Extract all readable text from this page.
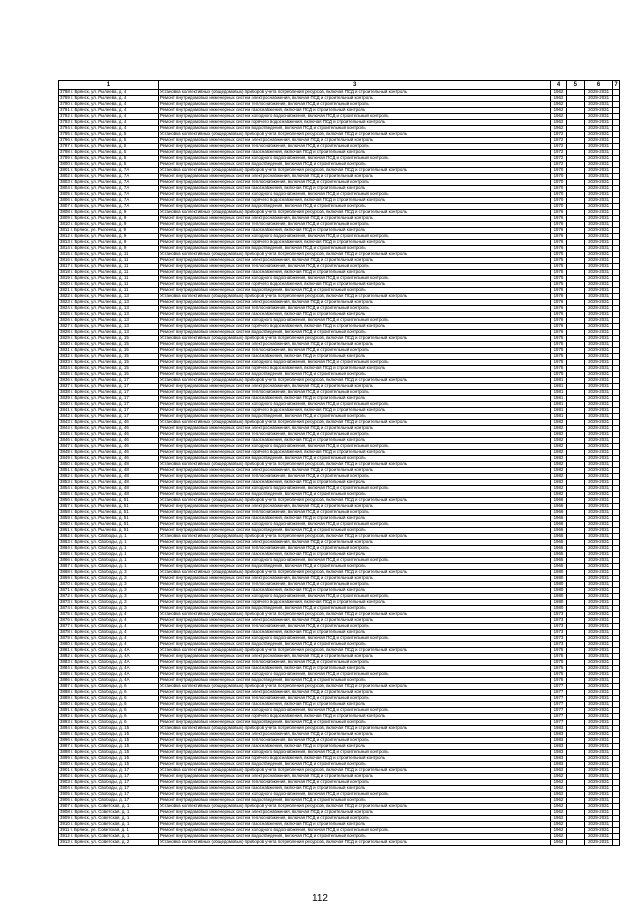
1		3	4	5	6	7
3788 г. Брянск, ул. Рылеева, д. 4		Установка коллективных (общедомовых) приборов учета потребления ресурсов, включая ПСД и строительный контроль	1962		2029-2031	
3789 г. Брянск, ул. Рылеева, д. 4		Ремонт внутридомовых инженерных систем электроснабжения, включая ПСД и строительный контроль	1962		2029-2031	
3790 г. Брянск, ул. Рылеева, д. 4		Ремонт внутридомовых инженерных систем теплоснабжения, включая ПСД и строительный контроль	1962		2029-2031	
3791 г. Брянск, ул. Рылеева, д. 4		Ремонт внутридомовых инженерных систем газоснабжения, включая ПСД и строительный контроль	1962		2029-2031	
3792 г. Брянск, ул. Рылеева, д. 4		Ремонт внутридомовых инженерных систем холодного водоснабжения, включая ПСД и строительный контроль	1962		2029-2031	
3793 г. Брянск, ул. Рылеева, д. 4		Ремонт внутридомовых инженерных систем горячего водоснабжения, включая ПСД и строительный контроль	1962		2029-2031	
3794 г. Брянск, ул. Рылеева, д. 4		Ремонт внутридомовых инженерных систем водоотведения, включая ПСД и строительный контроль	1962		2029-2031	
3795 г. Брянск, ул. Рылеева, д. 5		Установка коллективных (общедомовых) приборов учета потребления ресурсов, включая ПСД и строительный контроль	1972		2029-2031	
3796 г. Брянск, ул. Рылеева, д. 5		Ремонт внутридомовых инженерных систем электроснабжения, включая ПСД и строительный контроль	1972		2029-2031	
3797 г. Брянск, ул. Рылеева, д. 5		Ремонт внутридомовых инженерных систем теплоснабжения, включая ПСД и строительный контроль	1972		2029-2031	
3798 г. Брянск, ул. Рылеева, д. 5		Ремонт внутридомовых инженерных систем газоснабжения, включая ПСД и строительный контроль	1972		2029-2031	
3799 г. Брянск, ул. Рылеева, д. 5		Ремонт внутридомовых инженерных систем холодного водоснабжения, включая ПСД и строительный контроль	1972		2029-2031	
3800 г. Брянск, ул. Рылеева, д. 5		Ремонт внутридомовых инженерных систем водоотведения, включая ПСД и строительный контроль	1972		2029-2031	
3801 г. Брянск, ул. Рылеева, д. 7А		Установка коллективных (общедомовых) приборов учета потребления ресурсов, включая ПСД и строительный контроль	1970		2029-2031	
3802 г. Брянск, ул. Рылеева, д. 7А		Ремонт внутридомовых инженерных систем электроснабжения, включая ПСД и строительный контроль	1970		2029-2031	
3803 г. Брянск, ул. Рылеева, д. 7А		Ремонт внутридомовых инженерных систем теплоснабжения, включая ПСД и строительный контроль	1970		2029-2031	
3804 г. Брянск, ул. Рылеева, д. 7А		Ремонт внутридомовых инженерных систем газоснабжения, включая ПСД и строительный контроль	1970		2029-2031	
3805 г. Брянск, ул. Рылеева, д. 7А		Ремонт внутридомовых инженерных систем холодного водоснабжения, включая ПСД и строительный контроль	1970		2029-2031	
3806 г. Брянск, ул. Рылеева, д. 7А		Ремонт внутридомовых инженерных систем горячего водоснабжения, включая ПСД и строительный контроль	1970		2029-2031	
3807 г. Брянск, ул. Рылеева, д. 7А		Ремонт внутридомовых инженерных систем водоотведения, включая ПСД и строительный контроль	1970		2029-2031	
3808 г. Брянск, ул. Рылеева, д. 9		Установка коллективных (общедомовых) приборов учета потребления ресурсов, включая ПСД и строительный контроль	1976		2029-2031	
3809 г. Брянск, ул. Рылеева, д. 9		Ремонт внутридомовых инженерных систем электроснабжения, включая ПСД и строительный контроль	1976		2029-2031	
3810 г. Брянск, ул. Рылеева, д. 9		Ремонт внутридомовых инженерных систем теплоснабжения, включая ПСД и строительный контроль	1976		2029-2031	
3811 г. Брянск, ул. Рылеева, д. 9		Ремонт внутридомовых инженерных систем газоснабжения, включая ПСД и строительный контроль	1976		2029-2031	
3812 г. Брянск, ул. Рылеева, д. 9		Ремонт внутридомовых инженерных систем холодного водоснабжения, включая ПСД и строительный контроль	1976		2029-2031	
3813 г. Брянск, ул. Рылеева, д. 9		Ремонт внутридомовых инженерных систем горячего водоснабжения, включая ПСД и строительный контроль	1976		2029-2031	
3814 г. Брянск, ул. Рылеева, д. 9		Ремонт внутридомовых инженерных систем водоотведения, включая ПСД и строительный контроль	1976		2029-2031	
3815 г. Брянск, ул. Рылеева, д. 11		Установка коллективных (общедомовых) приборов учета потребления ресурсов, включая ПСД и строительный контроль	1975		2029-2031	
3816 г. Брянск, ул. Рылеева, д. 11		Ремонт внутридомовых инженерных систем электроснабжения, включая ПСД и строительный контроль	1975		2029-2031	
3817 г. Брянск, ул. Рылеева, д. 11		Ремонт внутридомовых инженерных систем теплоснабжения, включая ПСД и строительный контроль	1975		2029-2031	
3818 г. Брянск, ул. Рылеева, д. 11		Ремонт внутридомовых инженерных систем газоснабжения, включая ПСД и строительный контроль	1975		2029-2031	
3819 г. Брянск, ул. Рылеева, д. 11		Ремонт внутридомовых инженерных систем холодного водоснабжения, включая ПСД и строительный контроль	1975		2029-2031	
3820 г. Брянск, ул. Рылеева, д. 11		Ремонт внутридомовых инженерных систем горячего водоснабжения, включая ПСД и строительный контроль	1975		2029-2031	
3821 г. Брянск, ул. Рылеева, д. 11		Ремонт внутридомовых инженерных систем водоотведения, включая ПСД и строительный контроль	1975		2029-2031	
3822 г. Брянск, ул. Рылеева, д. 13		Установка коллективных (общедомовых) приборов учета потребления ресурсов, включая ПСД и строительный контроль	1976		2029-2031	
3823 г. Брянск, ул. Рылеева, д. 13		Ремонт внутридомовых инженерных систем электроснабжения, включая ПСД и строительный контроль	1976		2029-2031	
3824 г. Брянск, ул. Рылеева, д. 13		Ремонт внутридомовых инженерных систем теплоснабжения, включая ПСД и строительный контроль	1976		2029-2031	
3825 г. Брянск, ул. Рылеева, д. 13		Ремонт внутридомовых инженерных систем газоснабжения, включая ПСД и строительный контроль	1976		2029-2031	
3826 г. Брянск, ул. Рылеева, д. 13		Ремонт внутридомовых инженерных систем холодного водоснабжения, включая ПСД и строительный контроль	1976		2029-2031	
3827 г. Брянск, ул. Рылеева, д. 13		Ремонт внутридомовых инженерных систем горячего водоснабжения, включая ПСД и строительный контроль	1976		2029-2031	
3828 г. Брянск, ул. Рылеева, д. 13		Ремонт внутридомовых инженерных систем водоотведения, включая ПСД и строительный контроль	1976		2029-2031	
3829 г. Брянск, ул. Рылеева, д. 15		Установка коллективных (общедомовых) приборов учета потребления ресурсов, включая ПСД и строительный контроль	1975		2029-2031	
3830 г. Брянск, ул. Рылеева, д. 15		Ремонт внутридомовых инженерных систем электроснабжения, включая ПСД и строительный контроль	1975		2029-2031	
3831 г. Брянск, ул. Рылеева, д. 15		Ремонт внутридомовых инженерных систем теплоснабжения, включая ПСД и строительный контроль	1975		2029-2031	
3832 г. Брянск, ул. Рылеева, д. 15		Ремонт внутридомовых инженерных систем газоснабжения, включая ПСД и строительный контроль	1975		2029-2031	
3833 г. Брянск, ул. Рылеева, д. 15		Ремонт внутридомовых инженерных систем холодного водоснабжения, включая ПСД и строительный контроль	1975		2029-2031	
3834 г. Брянск, ул. Рылеева, д. 15		Ремонт внутридомовых инженерных систем горячего водоснабжения, включая ПСД и строительный контроль	1975		2029-2031	
3835 г. Брянск, ул. Рылеева, д. 15		Ремонт внутридомовых инженерных систем водоотведения, включая ПСД и строительный контроль	1975		2029-2031	
3836 г. Брянск, ул. Рылеева, д. 17		Установка коллективных (общедомовых) приборов учета потребления ресурсов, включая ПСД и строительный контроль	1981		2029-2031	
3837 г. Брянск, ул. Рылеева, д. 17		Ремонт внутридомовых инженерных систем электроснабжения, включая ПСД и строительный контроль	1981		2029-2031	
3838 г. Брянск, ул. Рылеева, д. 17		Ремонт внутридомовых инженерных систем теплоснабжения, включая ПСД и строительный контроль	1981		2029-2031	
3839 г. Брянск, ул. Рылеева, д. 17		Ремонт внутридомовых инженерных систем газоснабжения, включая ПСД и строительный контроль	1981		2029-2031	
3840 г. Брянск, ул. Рылеева, д. 17		Ремонт внутридомовых инженерных систем холодного водоснабжения, включая ПСД и строительный контроль	1981		2029-2031	
3841 г. Брянск, ул. Рылеева, д. 17		Ремонт внутридомовых инженерных систем горячего водоснабжения, включая ПСД и строительный контроль	1981		2029-2031	
3842 г. Брянск, ул. Рылеева, д. 17		Ремонт внутридомовых инженерных систем водоотведения, включая ПСД и строительный контроль	1981		2029-2031	
3843 г. Брянск, ул. Рылеева, д. 46		Установка коллективных (общедомовых) приборов учета потребления ресурсов, включая ПСД и строительный контроль	1982		2029-2031	
3844 г. Брянск, ул. Рылеева, д. 46		Ремонт внутридомовых инженерных систем электроснабжения, включая ПСД и строительный контроль	1982		2029-2031	
3845 г. Брянск, ул. Рылеева, д. 46		Ремонт внутридомовых инженерных систем теплоснабжения, включая ПСД и строительный контроль	1982		2029-2031	
3846 г. Брянск, ул. Рылеева, д. 46		Ремонт внутридомовых инженерных систем газоснабжения, включая ПСД и строительный контроль	1982		2029-2031	
3847 г. Брянск, ул. Рылеева, д. 46		Ремонт внутридомовых инженерных систем холодного водоснабжения, включая ПСД и строительный контроль	1982		2029-2031	
3848 г. Брянск, ул. Рылеева, д. 46		Ремонт внутридомовых инженерных систем горячего водоснабжения, включая ПСД и строительный контроль	1982		2029-2031	
3849 г. Брянск, ул. Рылеева, д. 46		Ремонт внутридомовых инженерных систем водоотведения, включая ПСД и строительный контроль	1982		2029-2031	
3850 г. Брянск, ул. Рылеева, д. 48		Установка коллективных (общедомовых) приборов учета потребления ресурсов, включая ПСД и строительный контроль	1982		2029-2031	
3851 г. Брянск, ул. Рылеева, д. 48		Ремонт внутридомовых инженерных систем электроснабжения, включая ПСД и строительный контроль	1982		2029-2031	
3852 г. Брянск, ул. Рылеева, д. 48		Ремонт внутридомовых инженерных систем теплоснабжения, включая ПСД и строительный контроль	1982		2029-2031	
3853 г. Брянск, ул. Рылеева, д. 48		Ремонт внутридомовых инженерных систем газоснабжения, включая ПСД и строительный контроль	1982		2029-2031	
3854 г. Брянск, ул. Рылеева, д. 48		Ремонт внутридомовых инженерных систем холодного водоснабжения, включая ПСД и строительный контроль	1982		2029-2031	
3855 г. Брянск, ул. Рылеева, д. 48		Ремонт внутридомовых инженерных систем водоотведения, включая ПСД и строительный контроль	1982		2029-2031	
3856 г. Брянск, ул. Рылеева, д. 51		Установка коллективных (общедомовых) приборов учета потребления ресурсов, включая ПСД и строительный контроль	1966		2029-2031	
3857 г. Брянск, ул. Рылеева, д. 51		Ремонт внутридомовых инженерных систем электроснабжения, включая ПСД и строительный контроль	1966		2029-2031	
3858 г. Брянск, ул. Рылеева, д. 51		Ремонт внутридомовых инженерных систем теплоснабжения, включая ПСД и строительный контроль	1966		2029-2031	
3859 г. Брянск, ул. Рылеева, д. 51		Ремонт внутридомовых инженерных систем газоснабжения, включая ПСД и строительный контроль	1966		2029-2031	
3860 г. Брянск, ул. Рылеева, д. 51		Ремонт внутридомовых инженерных систем холодного водоснабжения, включая ПСД и строительный контроль	1966		2029-2031	
3861 г. Брянск, ул. Рылеева, д. 51		Ремонт внутридомовых инженерных систем водоотведения, включая ПСД и строительный контроль	1966		2029-2031	
3862 г. Брянск, ул. Свободы, д. 1		Установка коллективных (общедомовых) приборов учета потребления ресурсов, включая ПСД и строительный контроль	1965		2029-2031	
3863 г. Брянск, ул. Свободы, д. 1		Ремонт внутридомовых инженерных систем электроснабжения, включая ПСД и строительный контроль	1965		2029-2031	
3864 г. Брянск, ул. Свободы, д. 1		Ремонт внутридомовых инженерных систем теплоснабжения, включая ПСД и строительный контроль	1965		2029-2031	
3865 г. Брянск, ул. Свободы, д. 1		Ремонт внутридомовых инженерных систем газоснабжения, включая ПСД и строительный контроль	1965		2029-2031	
3866 г. Брянск, ул. Свободы, д. 1		Ремонт внутридомовых инженерных систем холодного водоснабжения, включая ПСД и строительный контроль	1965		2029-2031	
3867 г. Брянск, ул. Свободы, д. 1		Ремонт внутридомовых инженерных систем водоотведения, включая ПСД и строительный контроль	1965		2029-2031	
3868 г. Брянск, ул. Свободы, д. 3		Установка коллективных (общедомовых) приборов учета потребления ресурсов, включая ПСД и строительный контроль	1980		2029-2031	
3869 г. Брянск, ул. Свободы, д. 3		Ремонт внутридомовых инженерных систем электроснабжения, включая ПСД и строительный контроль	1980		2029-2031	
3870 г. Брянск, ул. Свободы, д. 3		Ремонт внутридомовых инженерных систем теплоснабжения, включая ПСД и строительный контроль	1980		2029-2031	
3871 г. Брянск, ул. Свободы, д. 3		Ремонт внутридомовых инженерных систем газоснабжения, включая ПСД и строительный контроль	1980		2029-2031	
3872 г. Брянск, ул. Свободы, д. 3		Ремонт внутридомовых инженерных систем холодного водоснабжения, включая ПСД и строительный контроль	1980		2029-2031	
3873 г. Брянск, ул. Свободы, д. 3		Ремонт внутридомовых инженерных систем горячего водоснабжения, включая ПСД и строительный контроль	1980		2029-2031	
3874 г. Брянск, ул. Свободы, д. 3		Ремонт внутридомовых инженерных систем водоотведения, включая ПСД и строительный контроль	1980		2029-2031	
3875 г. Брянск, ул. Свободы, д. 4		Установка коллективных (общедомовых) приборов учета потребления ресурсов, включая ПСД и строительный контроль	1973		2029-2031	
3876 г. Брянск, ул. Свободы, д. 4		Ремонт внутридомовых инженерных систем электроснабжения, включая ПСД и строительный контроль	1973		2029-2031	
3877 г. Брянск, ул. Свободы, д. 4		Ремонт внутридомовых инженерных систем теплоснабжения, включая ПСД и строительный контроль	1973		2029-2031	
3878 г. Брянск, ул. Свободы, д. 4		Ремонт внутридомовых инженерных систем газоснабжения, включая ПСД и строительный контроль	1973		2029-2031	
3879 г. Брянск, ул. Свободы, д. 4		Ремонт внутридомовых инженерных систем холодного водоснабжения, включая ПСД и строительный контроль	1973		2029-2031	
3880 г. Брянск, ул. Свободы, д. 4		Ремонт внутридомовых инженерных систем водоотведения, включая ПСД и строительный контроль	1973		2029-2031	
3881 г. Брянск, ул. Свободы, д. 4А		Установка коллективных (общедомовых) приборов учета потребления ресурсов, включая ПСД и строительный контроль	1975		2029-2031	
3882 г. Брянск, ул. Свободы, д. 4А		Ремонт внутридомовых инженерных систем электроснабжения, включая ПСД и строительный контроль	1975		2029-2031	
3883 г. Брянск, ул. Свободы, д. 4А		Ремонт внутридомовых инженерных систем теплоснабжения, включая ПСД и строительный контроль	1975		2029-2031	
3884 г. Брянск, ул. Свободы, д. 4А		Ремонт внутридомовых инженерных систем газоснабжения, включая ПСД и строительный контроль	1975		2029-2031	
3885 г. Брянск, ул. Свободы, д. 4А		Ремонт внутридомовых инженерных систем холодного водоснабжения, включая ПСД и строительный контроль	1975		2029-2031	
3886 г. Брянск, ул. Свободы, д. 4А		Ремонт внутридомовых инженерных систем водоотведения, включая ПСД и строительный контроль	1975		2029-2031	
3887 г. Брянск, ул. Свободы, д. 6		Установка коллективных (общедомовых) приборов учета потребления ресурсов, включая ПСД и строительный контроль	1977		2029-2031	
3888 г. Брянск, ул. Свободы, д. 6		Ремонт внутридомовых инженерных систем электроснабжения, включая ПСД и строительный контроль	1977		2029-2031	
3889 г. Брянск, ул. Свободы, д. 6		Ремонт внутридомовых инженерных систем теплоснабжения, включая ПСД и строительный контроль	1977		2029-2031	
3890 г. Брянск, ул. Свободы, д. 6		Ремонт внутридомовых инженерных систем газоснабжения, включая ПСД и строительный контроль	1977		2029-2031	
3891 г. Брянск, ул. Свободы, д. 6		Ремонт внутридомовых инженерных систем холодного водоснабжения, включая ПСД и строительный контроль	1977		2029-2031	
3892 г. Брянск, ул. Свободы, д. 6		Ремонт внутридомовых инженерных систем горячего водоснабжения, включая ПСД и строительный контроль	1977		2029-2031	
3893 г. Брянск, ул. Свободы, д. 6		Ремонт внутридомовых инженерных систем водоотведения, включая ПСД и строительный контроль	1977		2029-2031	
3894 г. Брянск, ул. Свободы, д. 15		Установка коллективных (общедомовых) приборов учета потребления ресурсов, включая ПСД и строительный контроль	1983		2029-2031	
3895 г. Брянск, ул. Свободы, д. 15		Ремонт внутридомовых инженерных систем электроснабжения, включая ПСД и строительный контроль	1983		2029-2031	
3896 г. Брянск, ул. Свободы, д. 15		Ремонт внутридомовых инженерных систем теплоснабжения, включая ПСД и строительный контроль	1983		2029-2031	
3897 г. Брянск, ул. Свободы, д. 15		Ремонт внутридомовых инженерных систем газоснабжения, включая ПСД и строительный контроль	1983		2029-2031	
3898 г. Брянск, ул. Свободы, д. 15		Ремонт внутридомовых инженерных систем холодного водоснабжения, включая ПСД и строительный контроль	1983		2029-2031	
3899 г. Брянск, ул. Свободы, д. 15		Ремонт внутридомовых инженерных систем горячего водоснабжения, включая ПСД и строительный контроль	1983		2029-2031	
3900 г. Брянск, ул. Свободы, д. 15		Ремонт внутридомовых инженерных систем водоотведения, включая ПСД и строительный контроль	1983		2029-2031	
3901 г. Брянск, ул. Свободы, д. 17		Установка коллективных (общедомовых) приборов учета потребления ресурсов, включая ПСД и строительный контроль	1962		2029-2031	
3902 г. Брянск, ул. Свободы, д. 17		Ремонт внутридомовых инженерных систем электроснабжения, включая ПСД и строительный контроль	1962		2029-2031	
3903 г. Брянск, ул. Свободы, д. 17		Ремонт внутридомовых инженерных систем теплоснабжения, включая ПСД и строительный контроль	1962		2029-2031	
3904 г. Брянск, ул. Свободы, д. 17		Ремонт внутридомовых инженерных систем газоснабжения, включая ПСД и строительный контроль	1962		2029-2031	
3905 г. Брянск, ул. Свободы, д. 17		Ремонт внутридомовых инженерных систем холодного водоснабжения, включая ПСД и строительный контроль	1962		2029-2031	
3906 г. Брянск, ул. Свободы, д. 17		Ремонт внутридомовых инженерных систем водоотведения, включая ПСД и строительный контроль	1962		2029-2031	
3907 г. Брянск, ул. Советская, д. 1		Установка коллективных (общедомовых) приборов учета потребления ресурсов, включая ПСД и строительный контроль	1962		2029-2031	
3908 г. Брянск, ул. Советская, д. 1		Ремонт внутридомовых инженерных систем электроснабжения, включая ПСД и строительный контроль	1962		2029-2031	
3909 г. Брянск, ул. Советская, д. 1		Ремонт внутридомовых инженерных систем теплоснабжения, включая ПСД и строительный контроль	1962		2029-2031	
3910 г. Брянск, ул. Советская, д. 1		Ремонт внутридомовых инженерных систем газоснабжения, включая ПСД и строительный контроль	1962		2029-2031	
3911 г. Брянск, ул. Советская, д. 1		Ремонт внутридомовых инженерных систем холодного водоснабжения, включая ПСД и строительный контроль	1962		2029-2031	
3912 г. Брянск, ул. Советская, д. 1		Ремонт внутридомовых инженерных систем водоотведения, включая ПСД и строительный контроль	1962		2029-2031	
3913 г. Брянск, ул. Советская, д. 2		Установка коллективных (общедомовых) приборов учета потребления ресурсов, включая ПСД и строительный контроль	1962		2029-2031	
112
